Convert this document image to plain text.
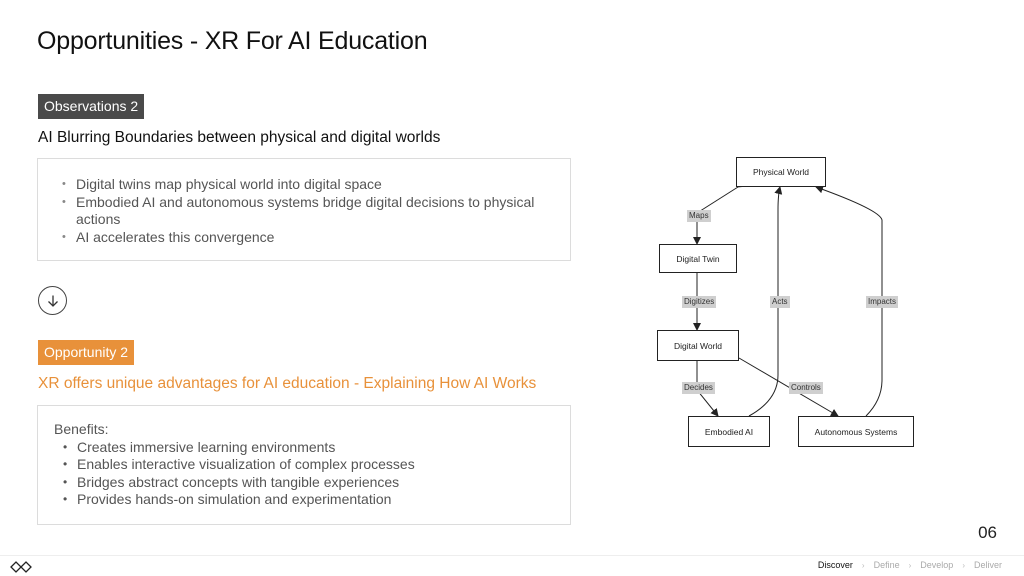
Opportunities - XR For AI Education
Observations 2
AI Blurring Boundaries between physical and digital worlds
• Digital twins map physical world into digital space
• Embodied AI and autonomous systems bridge digital decisions to physical actions
• AI accelerates this convergence
Opportunity 2
XR offers unique advantages for AI education - Explaining How AI Works
Benefits:
• Creates immersive learning environments
• Enables interactive visualization of complex processes
• Bridges abstract concepts with tangible experiences
• Provides hands-on simulation and experimentation
Physical World
Digital Twin
Digital World
Embodied AI	Autonomous Systems
Maps
Digitizes	Acts	Impacts
Decides	Controls
06
Discover › Define › Develop › Deliver
